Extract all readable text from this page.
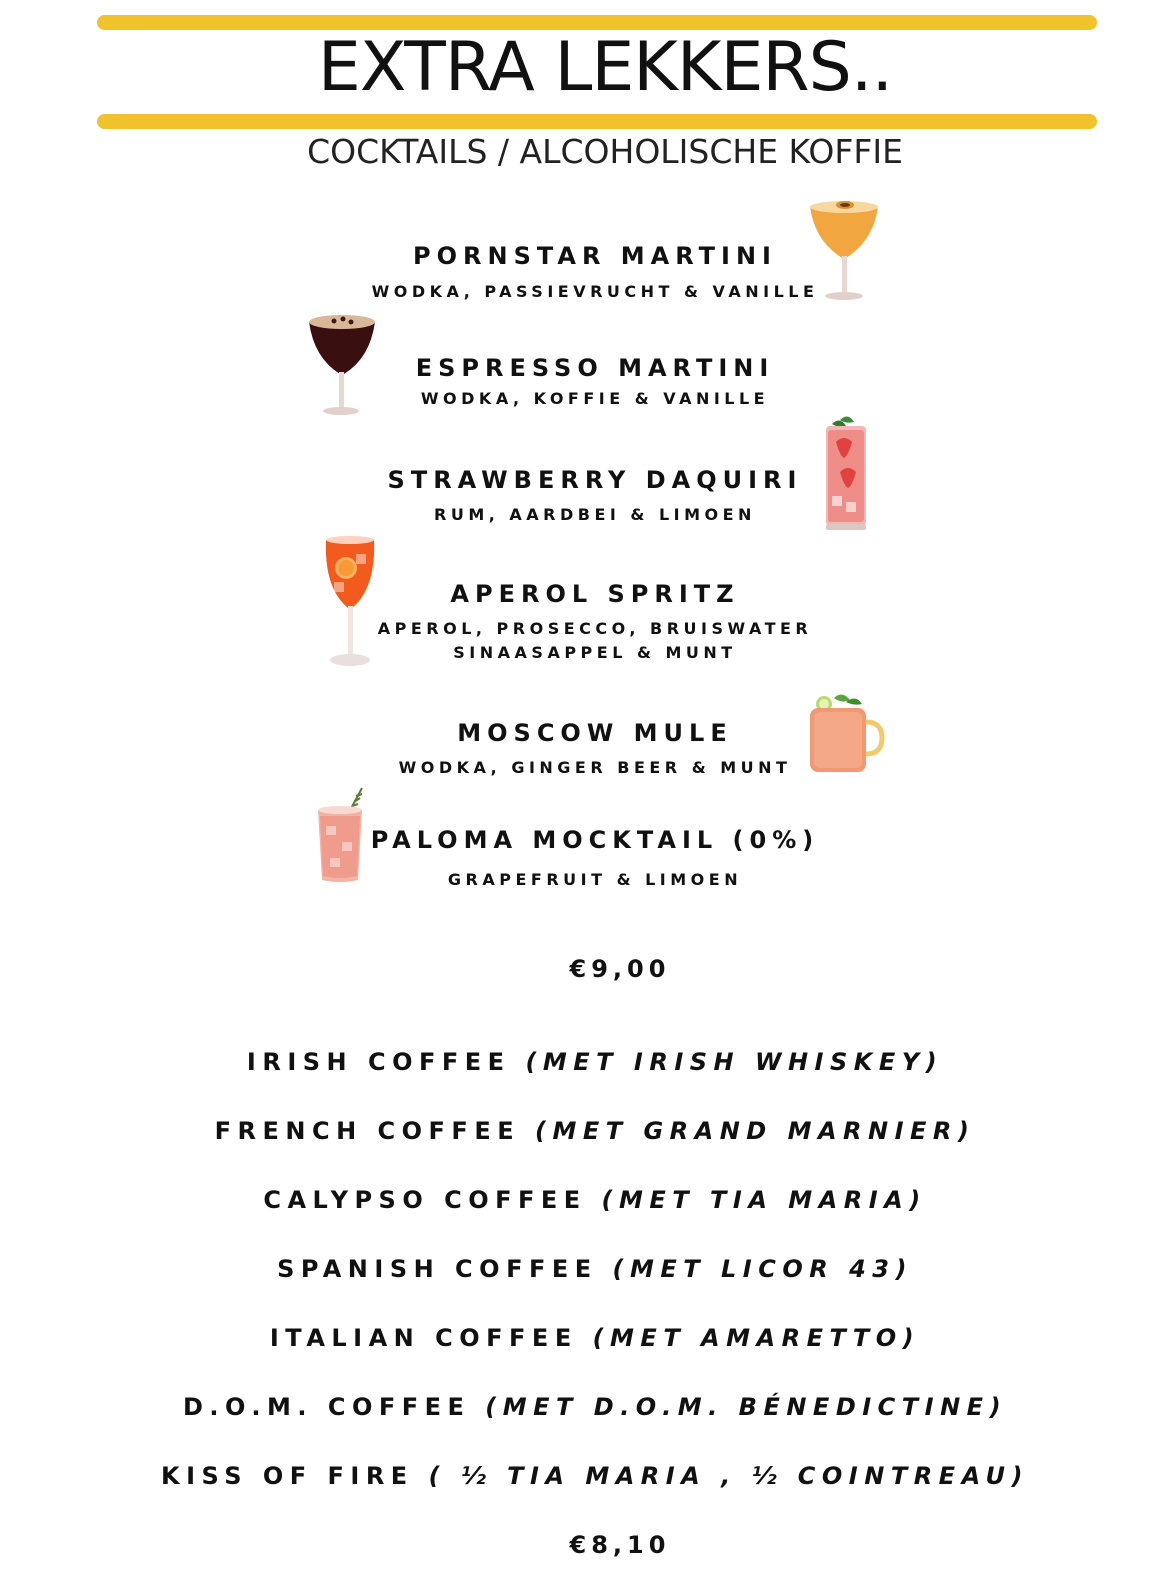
EXTRA LEKKERS..
COCKTAILS / ALCOHOLISCHE KOFFIE
PORNSTAR MARTINI
WODKA, PASSIEVRUCHT & VANILLE
ESPRESSO MARTINI
WODKA, KOFFIE & VANILLE
STRAWBERRY DAQUIRI
RUM, AARDBEI & LIMOEN
APEROL SPRITZ
APEROL, PROSECCO, BRUISWATER
SINAASAPPEL & MUNT
MOSCOW MULE
WODKA, GINGER BEER & MUNT
PALOMA MOCKTAIL (0%)
GRAPEFRUIT & LIMOEN
€9,00
IRISH COFFEE (MET IRISH WHISKEY)
FRENCH COFFEE (MET GRAND MARNIER)
CALYPSO COFFEE (MET TIA MARIA)
SPANISH COFFEE (MET LICOR 43)
ITALIAN COFFEE (MET AMARETTO)
D.O.M. COFFEE (MET D.O.M. BÉNEDICTINE)
KISS OF FIRE ( ½ TIA MARIA , ½ COINTREAU)
€8,10
